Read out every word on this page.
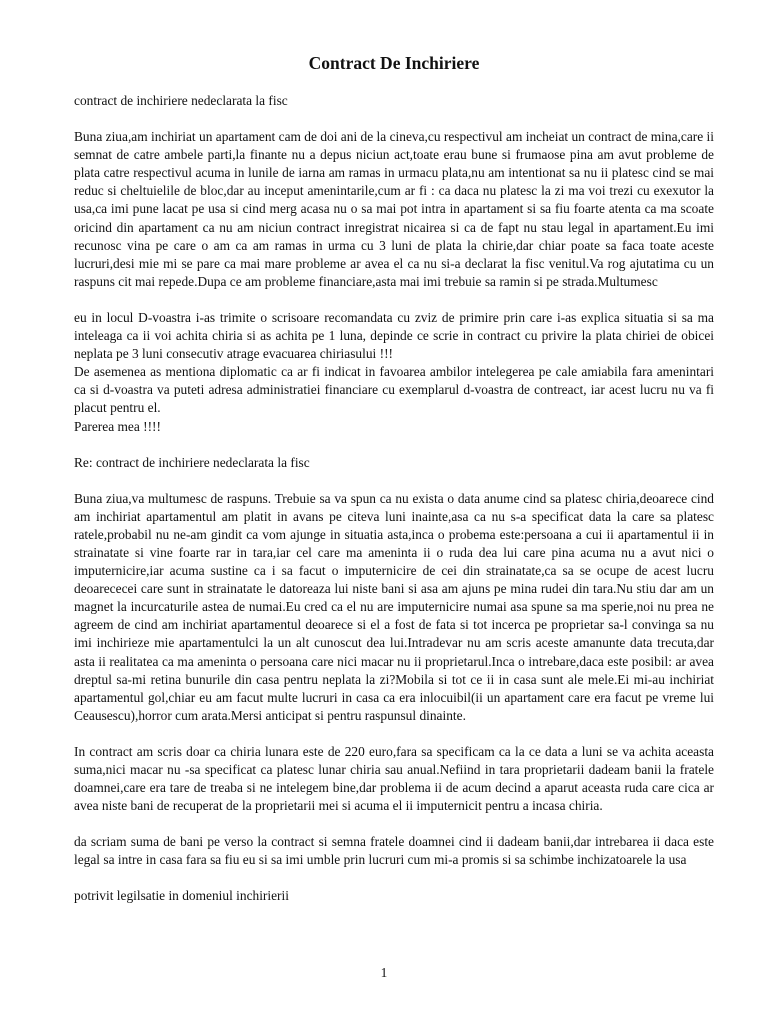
Contract De Inchiriere

contract de inchiriere nedeclarata la fisc

Buna ziua,am inchiriat un apartament cam de doi ani de la cineva,cu respectivul am incheiat un contract de mina,care ii semnat de catre ambele parti,la finante nu a depus niciun act,toate erau bune si frumaose pina am avut probleme de plata catre respectivul acuma in lunile de iarna am ramas in urmacu plata,nu am intentionat sa nu ii platesc cind se mai reduc si cheltuielile de bloc,dar au inceput amenintarile,cum ar fi : ca daca nu platesc la zi ma voi trezi cu exexutor la usa,ca imi pune lacat pe usa si cind merg acasa nu o sa mai pot intra in apartament si sa fiu foarte atenta ca ma scoate oricind din apartament ca nu am niciun contract inregistrat nicairea si ca de fapt nu stau legal in apartament.Eu imi recunosc vina pe care o am ca am ramas in urma cu 3 luni de plata la chirie,dar chiar poate sa faca toate aceste lucruri,desi mie mi se pare ca mai mare probleme ar avea el ca nu si-a declarat la fisc venitul.Va rog ajutatima cu un raspuns cit mai repede.Dupa ce am probleme financiare,asta mai imi trebuie sa ramin si pe strada.Multumesc

eu in locul D-voastra i-as trimite o scrisoare recomandata cu zviz de primire prin care i-as explica situatia si sa ma inteleaga ca ii voi achita chiria si as achita pe 1 luna, depinde ce scrie in contract cu privire la plata chiriei de obicei neplata pe 3 luni consecutiv atrage evacuarea chiriasului !!!

De asemenea as mentiona diplomatic ca ar fi indicat in favoarea ambilor intelegerea pe cale amiabila fara amenintari ca si d-voastra va puteti adresa administratiei financiare cu exemplarul d-voastra de contreact, iar acest lucru nu va fi placut pentru el.

Parerea mea !!!!

Re: contract de inchiriere nedeclarata la fisc

Buna ziua,va multumesc de raspuns. Trebuie sa va spun ca nu exista o data anume cind sa platesc chiria,deoarece cind am inchiriat apartamentul am platit in avans pe citeva luni inainte,asa ca nu s-a specificat data la care sa platesc ratele,probabil nu ne-am gindit ca vom ajunge in situatia asta,inca o probema este:persoana a cui ii apartamentul ii in strainatate si vine foarte rar in tara,iar cel care ma ameninta ii o ruda dea lui care pina acuma nu a avut nici o imputernicire,iar acuma sustine ca i sa facut o imputernicire de cei din strainatate,ca sa se ocupe de acest lucru deoarececei care sunt in strainatate le datoreaza lui niste bani si asa am ajuns pe mina rudei din tara.Nu stiu dar am un magnet la incurcaturile astea de numai.Eu cred ca el nu are imputernicire numai asa spune sa ma sperie,noi nu prea ne agreem de cind am inchiriat apartamentul deoarece si el a fost de fata si tot incerca pe proprietar sa-l convinga sa nu imi inchirieze mie apartamentulci la un alt cunoscut dea lui.Intradevar nu am scris aceste amanunte data trecuta,dar asta ii realitatea ca ma ameninta o persoana care nici macar nu ii proprietarul.Inca o intrebare,daca este posibil: ar avea dreptul sa-mi retina bunurile din casa pentru neplata la zi?Mobila si tot ce ii in casa sunt ale mele.Ei mi-au inchiriat apartamentul gol,chiar eu am facut multe lucruri in casa ca era inlocuibil(ii un apartament care era facut pe vreme lui Ceausescu),horror cum arata.Mersi anticipat si pentru raspunsul dinainte.

In contract am scris doar ca chiria lunara este de 220 euro,fara sa specificam ca la ce data a luni se va achita aceasta suma,nici macar nu -sa specificat ca platesc lunar chiria sau anual.Nefiind in tara proprietarii dadeam banii la fratele doamnei,care era tare de treaba si ne intelegem bine,dar problema ii de acum decind a aparut aceasta ruda care cica ar avea niste bani de recuperat de la proprietarii mei si acuma el ii imputernicit pentru a incasa chiria.

da scriam suma de bani pe verso la contract si semna fratele doamnei cind ii dadeam banii,dar intrebarea ii daca este legal sa intre in casa fara sa fiu eu si sa imi umble prin lucruri cum mi-a promis si sa schimbe inchizatoarele la usa

potrivit legilsatie in domeniul inchirierii

1
